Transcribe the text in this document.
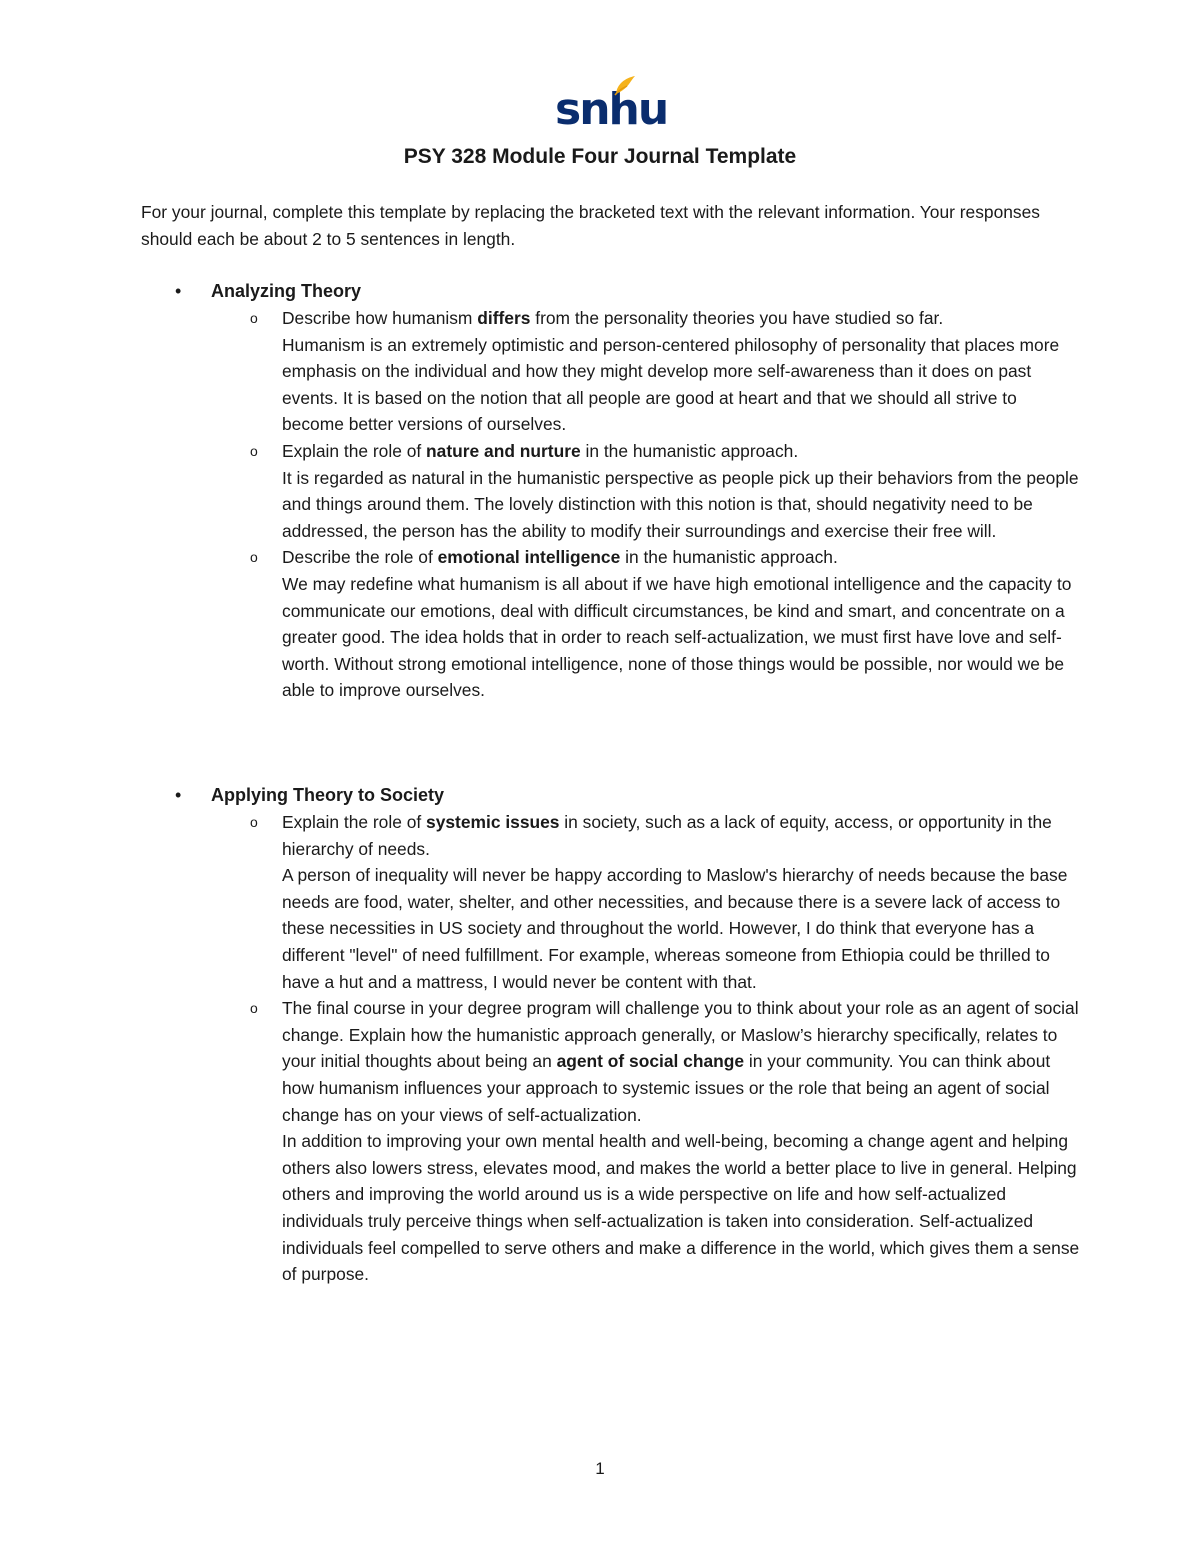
snhu
PSY 328 Module Four Journal Template

For your journal, complete this template by replacing the bracketed text with the relevant information. Your responses should each be about 2 to 5 sentences in length.

• Analyzing Theory
o Describe how humanism differs from the personality theories you have studied so far.
Humanism is an extremely optimistic and person-centered philosophy of personality that places more emphasis on the individual and how they might develop more self-awareness than it does on past events. It is based on the notion that all people are good at heart and that we should all strive to become better versions of ourselves.
o Explain the role of nature and nurture in the humanistic approach.
It is regarded as natural in the humanistic perspective as people pick up their behaviors from the people and things around them. The lovely distinction with this notion is that, should negativity need to be addressed, the person has the ability to modify their surroundings and exercise their free will.
o Describe the role of emotional intelligence in the humanistic approach.
We may redefine what humanism is all about if we have high emotional intelligence and the capacity to communicate our emotions, deal with difficult circumstances, be kind and smart, and concentrate on a greater good. The idea holds that in order to reach self-actualization, we must first have love and self-worth. Without strong emotional intelligence, none of those things would be possible, nor would we be able to improve ourselves.
• Applying Theory to Society
o Explain the role of systemic issues in society, such as a lack of equity, access, or opportunity in the hierarchy of needs.
A person of inequality will never be happy according to Maslow's hierarchy of needs because the base needs are food, water, shelter, and other necessities, and because there is a severe lack of access to these necessities in US society and throughout the world. However, I do think that everyone has a different "level" of need fulfillment. For example, whereas someone from Ethiopia could be thrilled to have a hut and a mattress, I would never be content with that.
o The final course in your degree program will challenge you to think about your role as an agent of social change. Explain how the humanistic approach generally, or Maslow’s hierarchy specifically, relates to your initial thoughts about being an agent of social change in your community. You can think about how humanism influences your approach to systemic issues or the role that being an agent of social change has on your views of self-actualization.
In addition to improving your own mental health and well-being, becoming a change agent and helping others also lowers stress, elevates mood, and makes the world a better place to live in general. Helping others and improving the world around us is a wide perspective on life and how self-actualized individuals truly perceive things when self-actualization is taken into consideration. Self-actualized individuals feel compelled to serve others and make a difference in the world, which gives them a sense of purpose.
1
